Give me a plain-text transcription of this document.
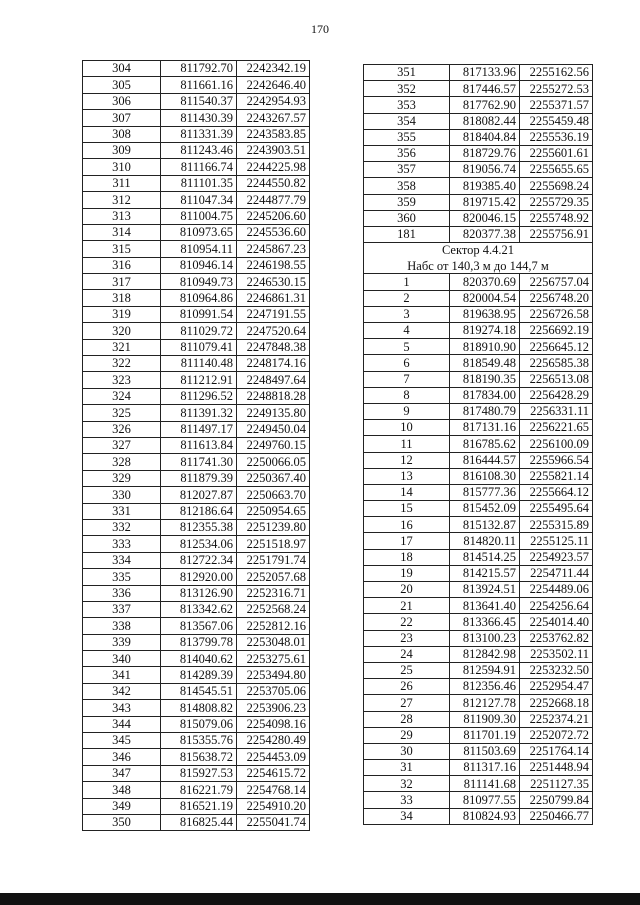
170
304	811792.70	2242342.19
305	811661.16	2242646.40
306	811540.37	2242954.93
307	811430.39	2243267.57
308	811331.39	2243583.85
309	811243.46	2243903.51
310	811166.74	2244225.98
311	811101.35	2244550.82
312	811047.34	2244877.79
313	811004.75	2245206.60
314	810973.65	2245536.60
315	810954.11	2245867.23
316	810946.14	2246198.55
317	810949.73	2246530.15
318	810964.86	2246861.31
319	810991.54	2247191.55
320	811029.72	2247520.64
321	811079.41	2247848.38
322	811140.48	2248174.16
323	811212.91	2248497.64
324	811296.52	2248818.28
325	811391.32	2249135.80
326	811497.17	2249450.04
327	811613.84	2249760.15
328	811741.30	2250066.05
329	811879.39	2250367.40
330	812027.87	2250663.70
331	812186.64	2250954.65
332	812355.38	2251239.80
333	812534.06	2251518.97
334	812722.34	2251791.74
335	812920.00	2252057.68
336	813126.90	2252316.71
337	813342.62	2252568.24
338	813567.06	2252812.16
339	813799.78	2253048.01
340	814040.62	2253275.61
341	814289.39	2253494.80
342	814545.51	2253705.06
343	814808.82	2253906.23
344	815079.06	2254098.16
345	815355.76	2254280.49
346	815638.72	2254453.09
347	815927.53	2254615.72
348	816221.79	2254768.14
349	816521.19	2254910.20
350	816825.44	2255041.74
351	817133.96	2255162.56
352	817446.57	2255272.53
353	817762.90	2255371.57
354	818082.44	2255459.48
355	818404.84	2255536.19
356	818729.76	2255601.61
357	819056.74	2255655.65
358	819385.40	2255698.24
359	819715.42	2255729.35
360	820046.15	2255748.92
181	820377.38	2255756.91
Сектор 4.4.21		
Набс от 140,3 м до 144,7 м		
1	820370.69	2256757.04
2	820004.54	2256748.20
3	819638.95	2256726.58
4	819274.18	2256692.19
5	818910.90	2256645.12
6	818549.48	2256585.38
7	818190.35	2256513.08
8	817834.00	2256428.29
9	817480.79	2256331.11
10	817131.16	2256221.65
11	816785.62	2256100.09
12	816444.57	2255966.54
13	816108.30	2255821.14
14	815777.36	2255664.12
15	815452.09	2255495.64
16	815132.87	2255315.89
17	814820.11	2255125.11
18	814514.25	2254923.57
19	814215.57	2254711.44
20	813924.51	2254489.06
21	813641.40	2254256.64
22	813366.45	2254014.40
23	813100.23	2253762.82
24	812842.98	2253502.11
25	812594.91	2253232.50
26	812356.46	2252954.47
27	812127.78	2252668.18
28	811909.30	2252374.21
29	811701.19	2252072.72
30	811503.69	2251764.14
31	811317.16	2251448.94
32	811141.68	2251127.35
33	810977.55	2250799.84
34	810824.93	2250466.77
